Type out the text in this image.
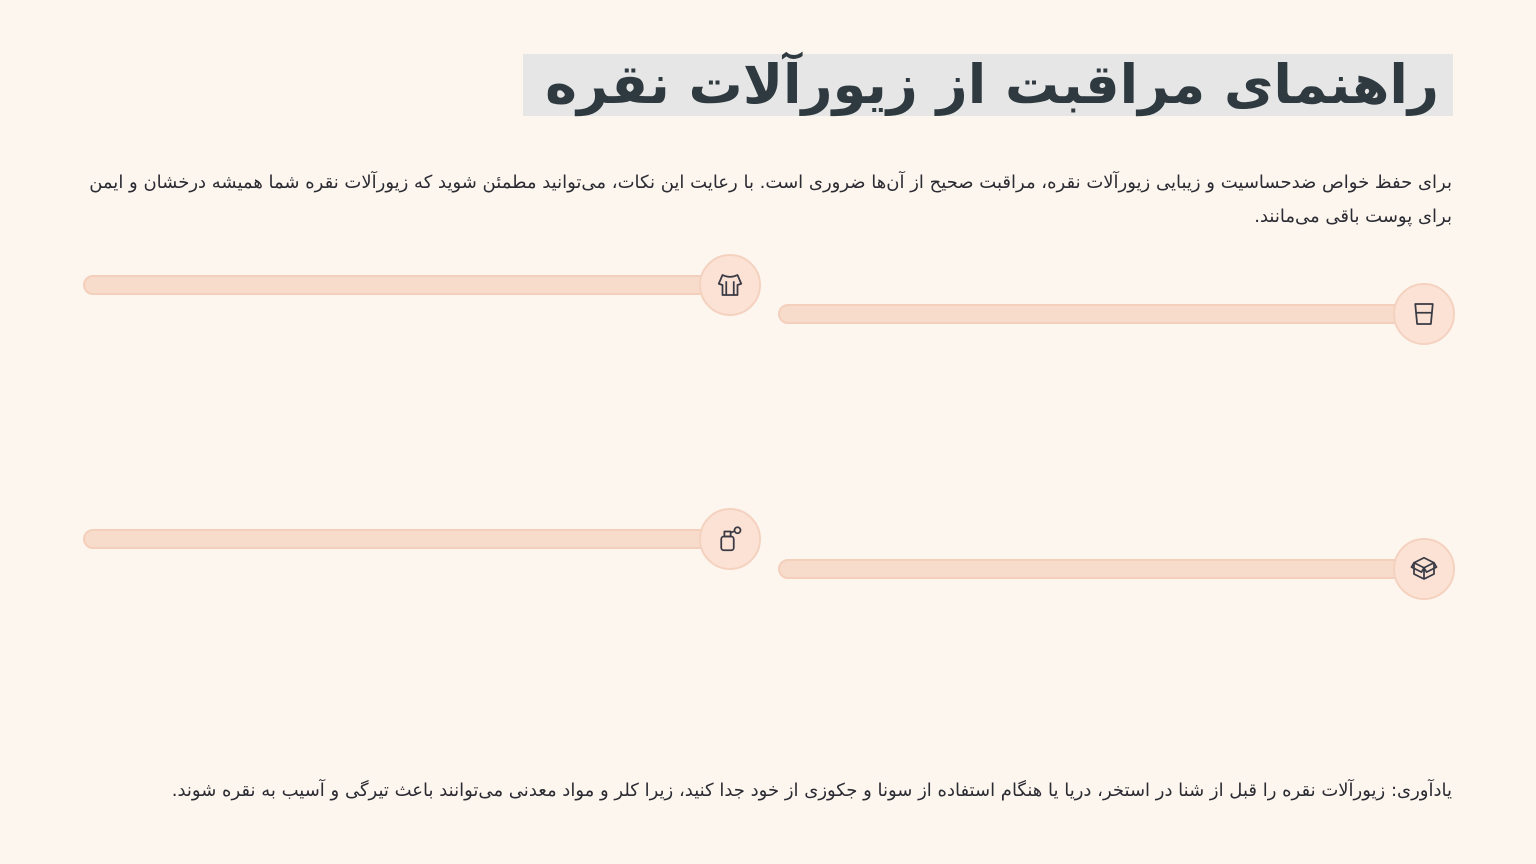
راهنمای مراقبت از زیورآلات نقره
برای حفظ خواص ضدحساسیت و زیبایی زیورآلات نقره، مراقبت صحیح از آن‌ها ضروری است. با رعایت این نکات، می‌توانید مطمئن شوید که زیورآلات نقره شما همیشه درخشان و ایمن برای پوست باقی می‌مانند.
یادآوری: زیورآلات نقره را قبل از شنا در استخر، دریا یا هنگام استفاده از سونا و جکوزی از خود جدا کنید، زیرا کلر و مواد معدنی می‌توانند باعث تیرگی و آسیب به نقره شوند.
